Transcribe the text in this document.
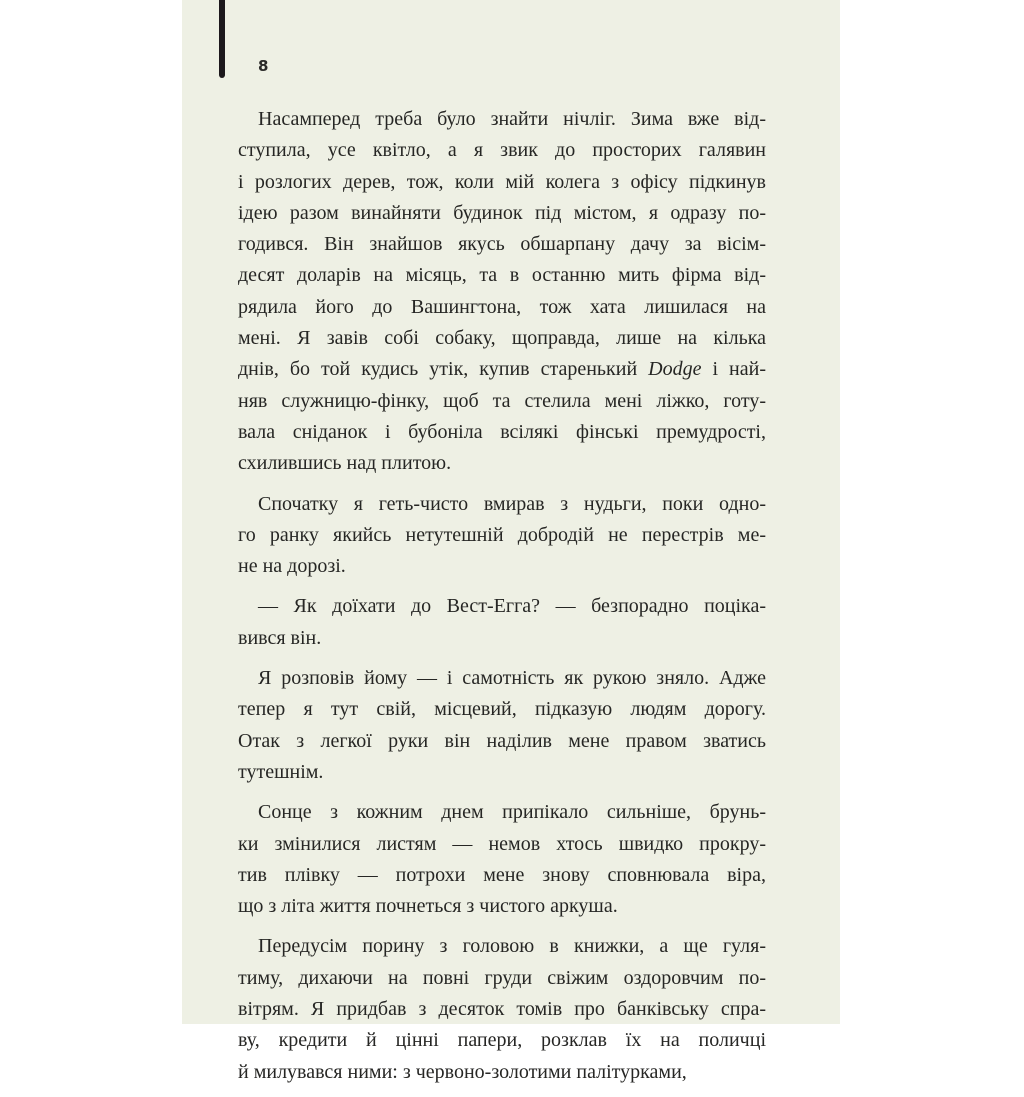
8
Насамперед треба було знайти нічліг. Зима вже від-
ступила, усе квітло, а я звик до просторих галявин
і розлогих дерев, тож, коли мій колега з офісу підкинув
ідею разом винайняти будинок під містом, я одразу по-
годився. Він знайшов якусь обшарпану дачу за вісім-
десят доларів на місяць, та в останню мить фірма від-
рядила його до Вашингтона, тож хата лишилася на
мені. Я завів собі собаку, щоправда, лише на кілька
днів, бо той кудись утік, купив старенький Dodge і най-
няв служницю-фінку, щоб та стелила мені ліжко, готу-
вала сніданок і бубоніла всілякі фінські премудрості,
схилившись над плитою.
Спочатку я геть-чисто вмирав з нудьги, поки одно-
го ранку якийсь нетутешній добродій не перестрів ме-
не на дорозі.
— Як доїхати до Вест-Егга? — безпорадно поціка-
вився він.
Я розповів йому — і самотність як рукою зняло. Адже
тепер я тут свій, місцевий, підказую людям дорогу.
Отак з легкої руки він наділив мене правом зватись
тутешнім.
Сонце з кожним днем припікало сильніше, брунь-
ки змінилися листям — немов хтось швидко прокру-
тив плівку — потрохи мене знову сповнювала віра,
що з літа життя почнеться з чистого аркуша.
Передусім порину з головою в книжки, а ще гуля-
тиму, дихаючи на повні груди свіжим оздоровчим по-
вітрям. Я придбав з десяток томів про банківську спра-
ву, кредити й цінні папери, розклав їх на поличці
й милувався ними: з червоно-золотими палітурками,
